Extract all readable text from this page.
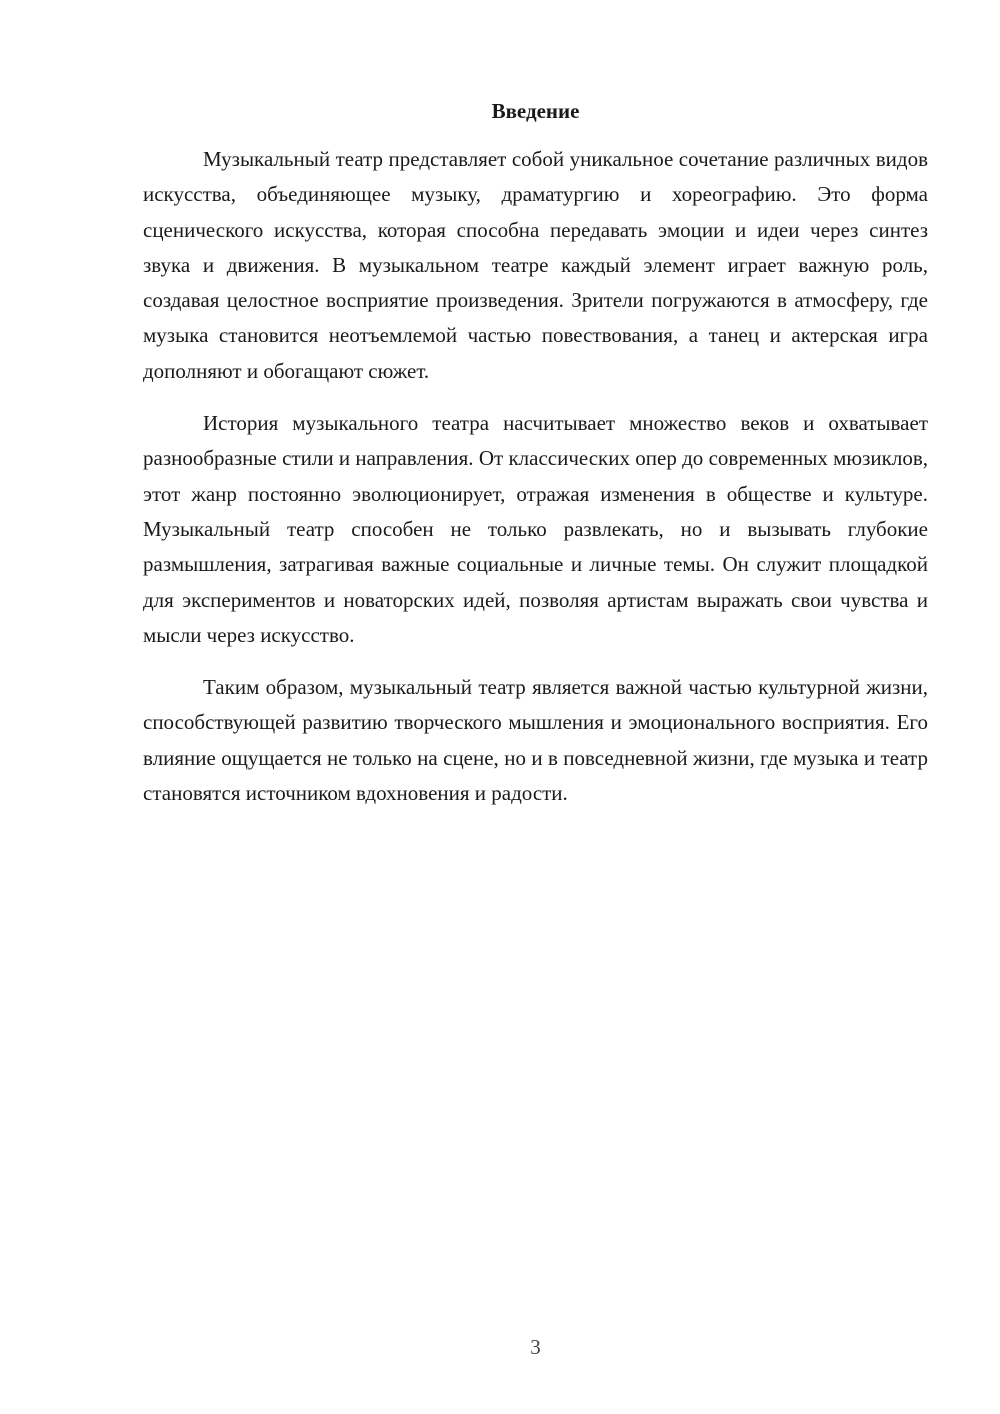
Введение

Музыкальный театр представляет собой уникальное сочетание различных видов искусства, объединяющее музыку, драматургию и хореографию. Это форма сценического искусства, которая способна передавать эмоции и идеи через синтез звука и движения. В музыкальном театре каждый элемент играет важную роль, создавая целостное восприятие произведения. Зрители погружаются в атмосферу, где музыка становится неотъемлемой частью повествования, а танец и актерская игра дополняют и обогащают сюжет.

История музыкального театра насчитывает множество веков и охватывает разнообразные стили и направления. От классических опер до современных мюзиклов, этот жанр постоянно эволюционирует, отражая изменения в обществе и культуре. Музыкальный театр способен не только развлекать, но и вызывать глубокие размышления, затрагивая важные социальные и личные темы. Он служит площадкой для экспериментов и новаторских идей, позволяя артистам выражать свои чувства и мысли через искусство.

Таким образом, музыкальный театр является важной частью культурной жизни, способствующей развитию творческого мышления и эмоционального восприятия. Его влияние ощущается не только на сцене, но и в повседневной жизни, где музыка и театр становятся источником вдохновения и радости.

3
